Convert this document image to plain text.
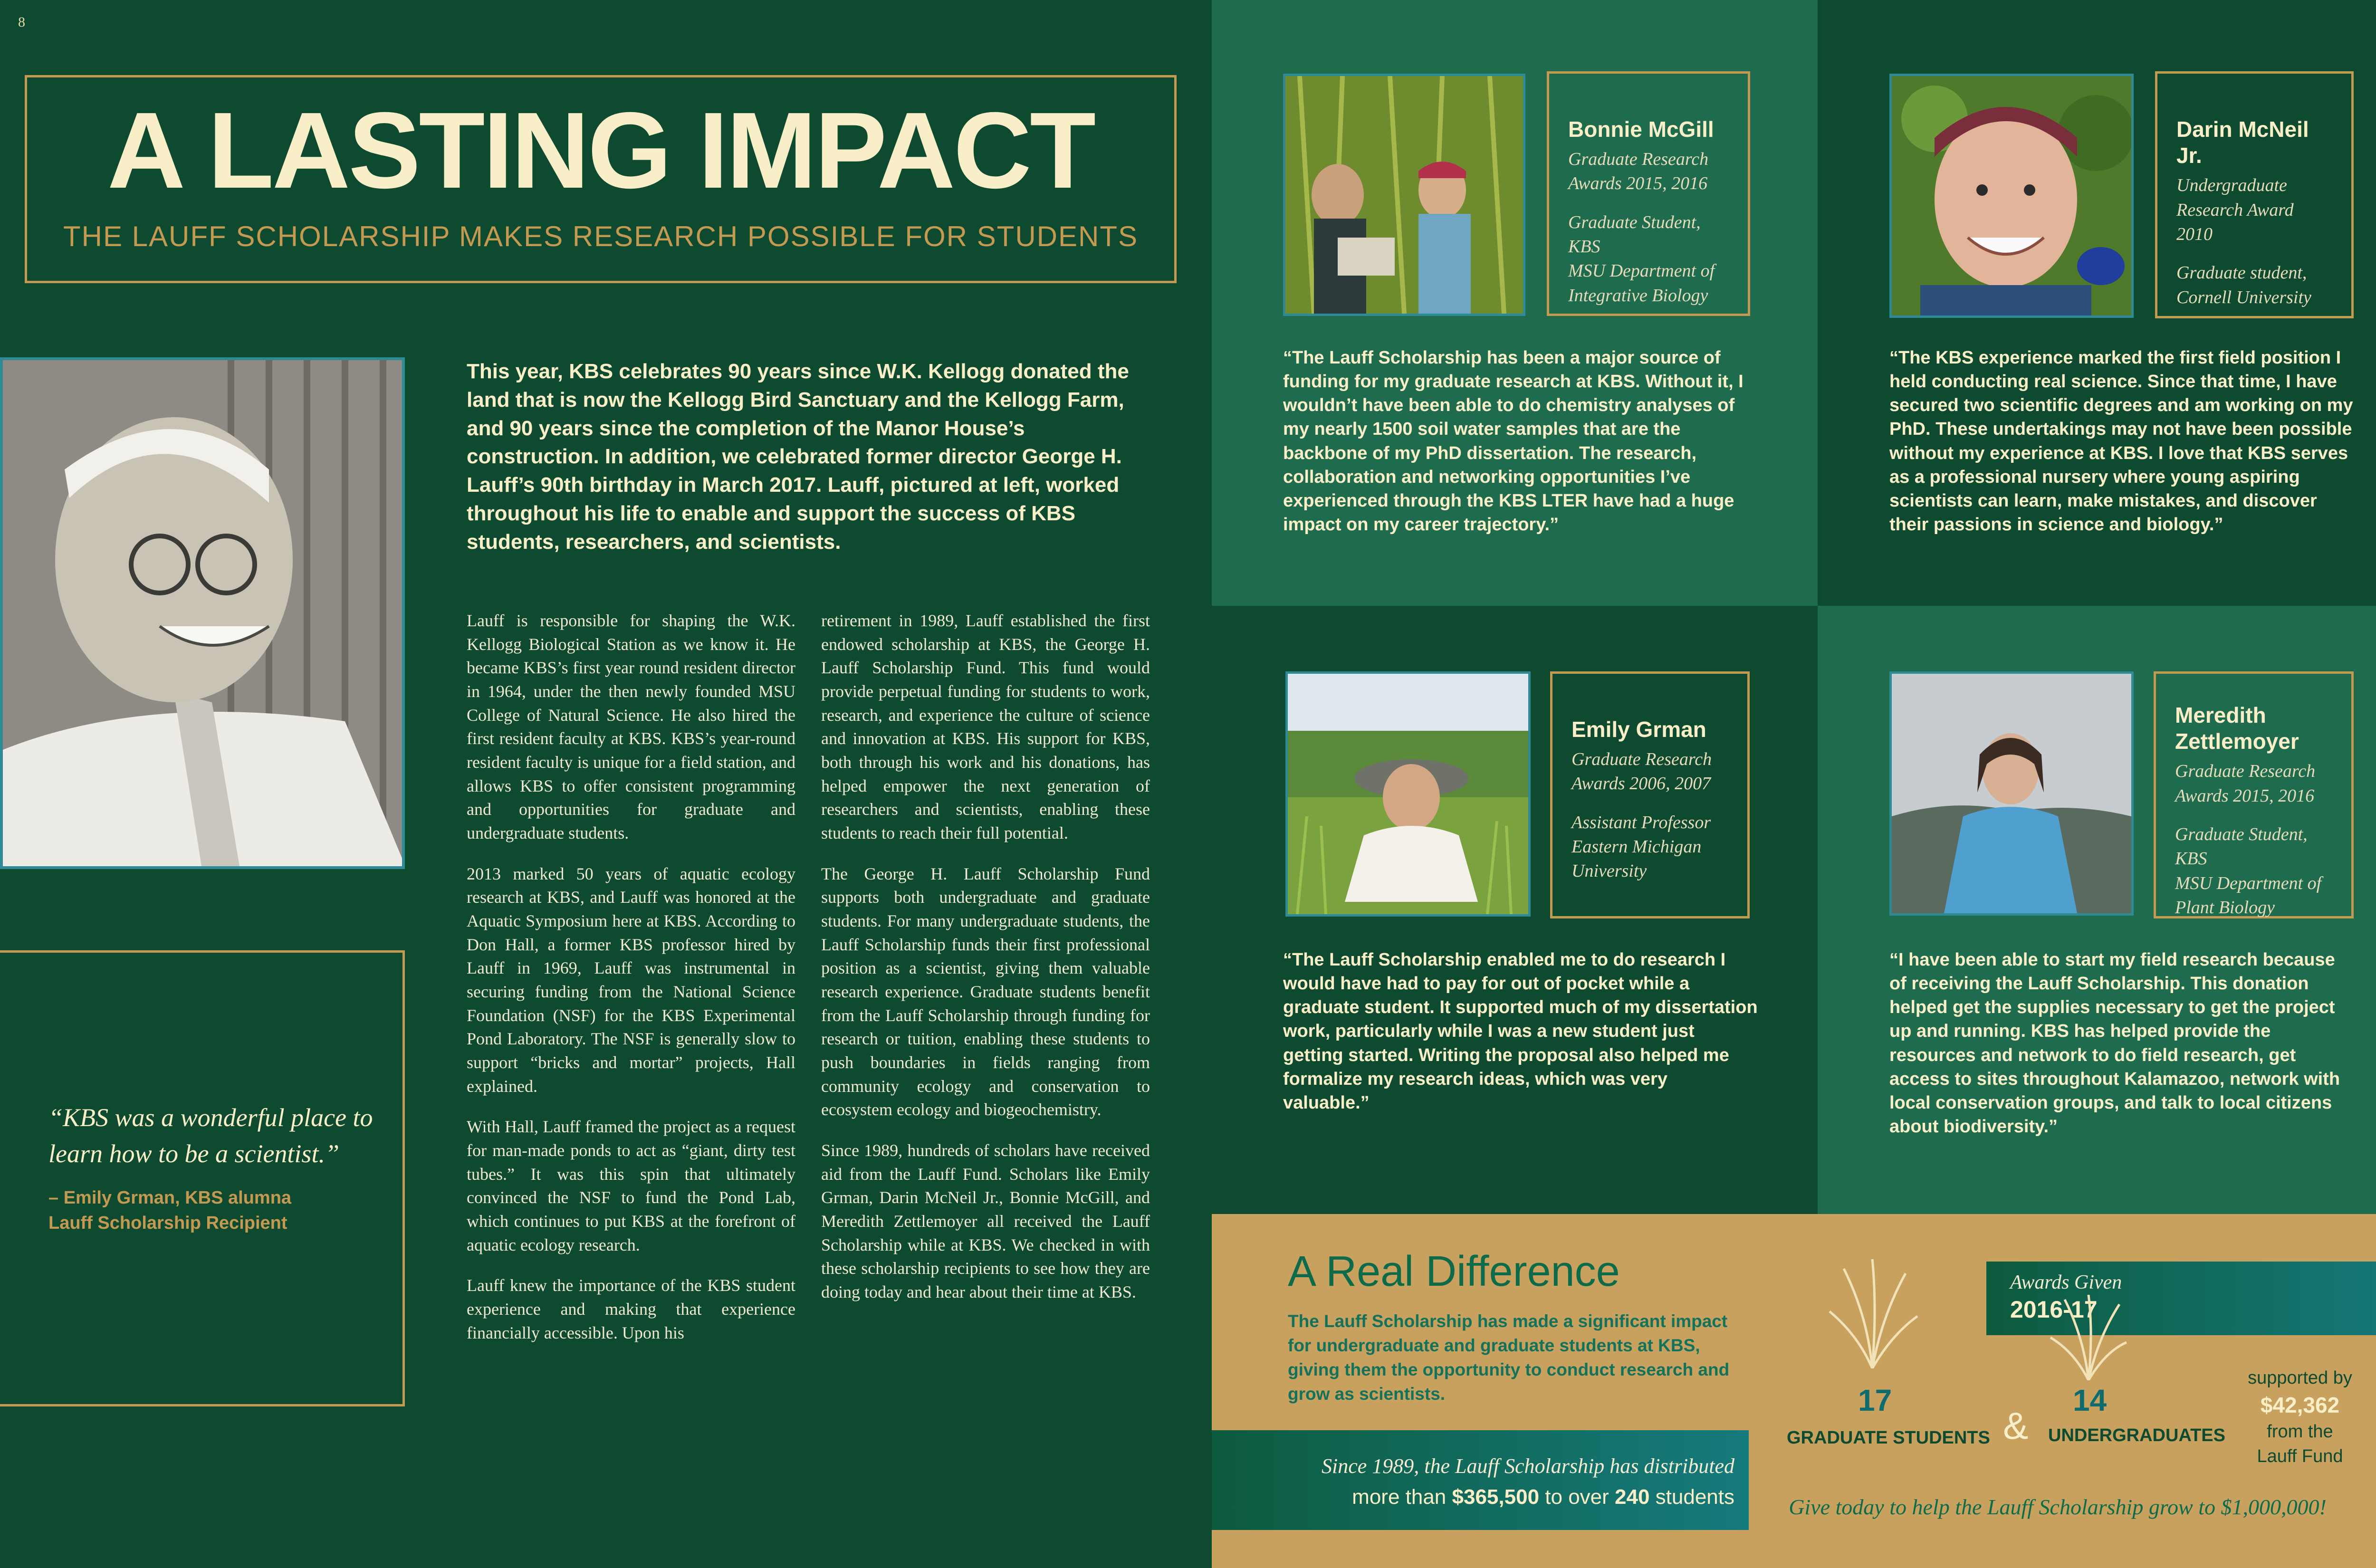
8
A LASTING IMPACT
THE LAUFF SCHOLARSHIP MAKES RESEARCH POSSIBLE FOR STUDENTS
This year, KBS celebrates 90 years since W.K. Kellogg donated the land that is now the Kellogg Bird Sanctuary and the Kellogg Farm, and 90 years since the completion of the Manor House’s construction. In addition, we celebrated former director George H. Lauff’s 90th birthday in March 2017. Lauff, pictured at left, worked throughout his life to enable and support the success of KBS students, researchers, and scientists.

Lauff is responsible for shaping the W.K. Kellogg Biological Station as we know it. He became KBS’s first year round resident director in 1964, under the then newly founded MSU College of Natural Science. He also hired the first resident faculty at KBS. KBS’s year-round resident faculty is unique for a field station, and allows KBS to offer consistent programming and opportunities for graduate and undergraduate students.

2013 marked 50 years of aquatic ecology research at KBS, and Lauff was honored at the Aquatic Symposium here at KBS. According to Don Hall, a former KBS professor hired by Lauff in 1969, Lauff was instrumental in securing funding from the National Science Foundation (NSF) for the KBS Experimental Pond Laboratory. The NSF is generally slow to support “bricks and mortar” projects, Hall explained.

With Hall, Lauff framed the project as a request for man-made ponds to act as “giant, dirty test tubes.” It was this spin that ultimately convinced the NSF to fund the Pond Lab, which continues to put KBS at the forefront of aquatic ecology research.

Lauff knew the importance of the KBS student experience and making that experience financially accessible. Upon his

retirement in 1989, Lauff established the first endowed scholarship at KBS, the George H. Lauff Scholarship Fund. This fund would provide perpetual funding for students to work, research, and experience the culture of science and innovation at KBS. His support for KBS, both through his work and his donations, has helped empower the next generation of researchers and scientists, enabling these students to reach their full potential.

The George H. Lauff Scholarship Fund supports both undergraduate and graduate students. For many undergraduate students, the Lauff Scholarship funds their first professional position as a scientist, giving them valuable research experience. Graduate students benefit from the Lauff Scholarship through funding for research or tuition, enabling these students to push boundaries in fields ranging from community ecology and conservation to ecosystem ecology and biogeochemistry.

Since 1989, hundreds of scholars have received aid from the Lauff Fund. Scholars like Emily Grman, Darin McNeil Jr., Bonnie McGill, and Meredith Zettlemoyer all received the Lauff Scholarship while at KBS. We checked in with these scholarship recipients to see how they are doing today and hear about their time at KBS.

“KBS was a wonderful place to learn how to be a scientist.”
– Emily Grman, KBS alumna
Lauff Scholarship Recipient
Bonnie McGill
Graduate Research Awards 2015, 2016
Graduate Student, KBS
MSU Department of
Integrative Biology
“The Lauff Scholarship has been a major source of funding for my graduate research at KBS. Without it, I wouldn’t have been able to do chemistry analyses of my nearly 1500 soil water samples that are the backbone of my PhD dissertation. The research, collaboration and networking opportunities I’ve experienced through the KBS LTER have had a huge impact on my career trajectory.”
Darin McNeil Jr.
Undergraduate Research Award 2010
Graduate student,
Cornell University
“The KBS experience marked the first field position I held conducting real science. Since that time, I have secured two scientific degrees and am working on my PhD. These undertakings may not have been possible without my experience at KBS. I love that KBS serves as a professional nursery where young aspiring scientists can learn, make mistakes, and discover their passions in science and biology.”
Emily Grman
Graduate Research Awards 2006, 2007
Assistant Professor
Eastern Michigan
University
“The Lauff Scholarship enabled me to do research I would have had to pay for out of pocket while a graduate student. It supported much of my dissertation work, particularly while I was a new student just getting started. Writing the proposal also helped me formalize my research ideas, which was very valuable.”
Meredith Zettlemoyer
Graduate Research Awards 2015, 2016
Graduate Student, KBS
MSU Department of
Plant Biology
“I have been able to start my field research because of receiving the Lauff Scholarship. This donation helped get the supplies necessary to get the project up and running. KBS has helped provide the resources and network to do field research, get access to sites throughout Kalamazoo, network with local conservation groups, and talk to local citizens about biodiversity.”
A Real Difference
The Lauff Scholarship has made a significant impact for undergraduate and graduate students at KBS, giving them the opportunity to conduct research and grow as scientists.
Since 1989, the Lauff Scholarship has distributed
more than $365,500 to over 240 students
Awards Given
2016-17
17
GRADUATE STUDENTS &
14
UNDERGRADUATES
supported by
$42,362
from the
Lauff Fund
Give today to help the Lauff Scholarship grow to $1,000,000!
